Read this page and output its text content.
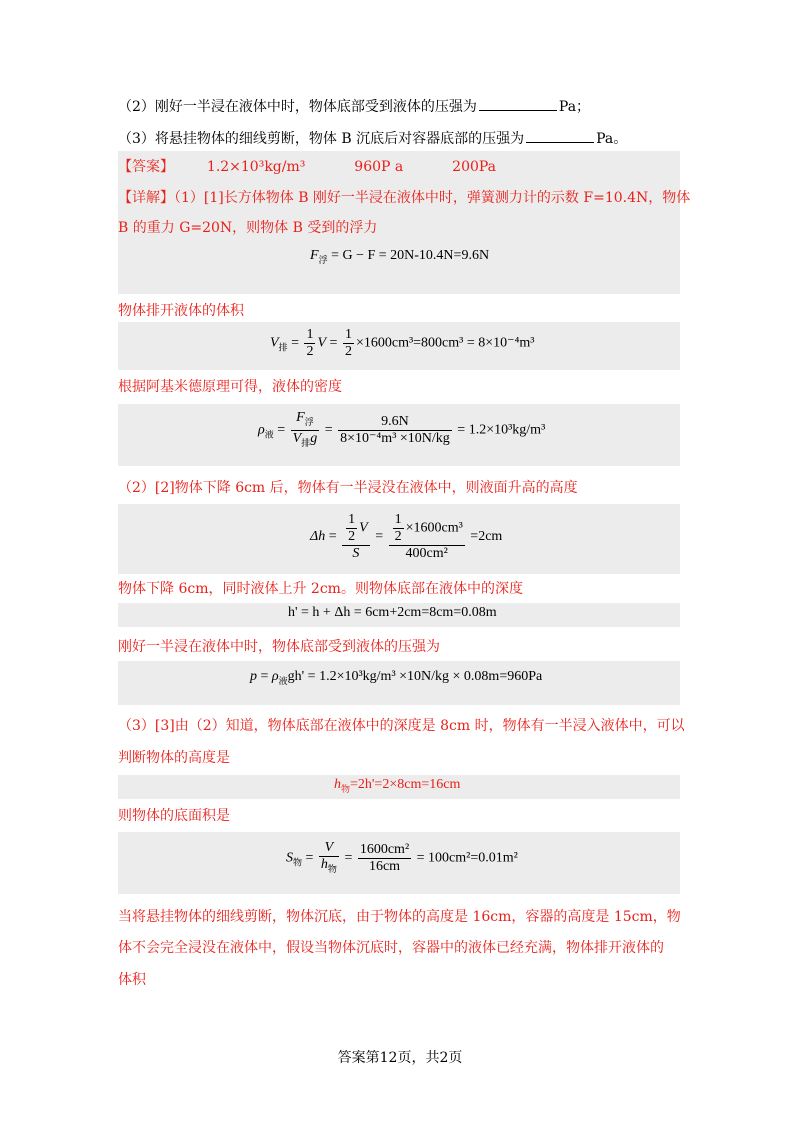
（2）刚好一半浸在液体中时，物体底部受到液体的压强为	Pa；
（3）将悬挂物体的细线剪断，物体 B 沉底后对容器底部的压强为	Pa。
【答案】 1.2×10³kg/m³	960P a	200Pa
【详解】（1）[1]长方体物体 B 刚好一半浸在液体中时，弹簧测力计的示数 F=10.4N，物体
B 的重力 G=20N，则物体 B 受到的浮力
$F_浮 = G - F = 20N-10.4N=9.6N$
物体排开液体的体积
$V_排 = \frac{1}{2}$ $V = \frac{1}{2} \times 1600cm^3=800cm^3 = 8\times 10^{-4}m^3$
根据阿基米德原理可得，液体的密度
$\rho_液 = \frac{F_浮}{V_排g} = \frac{9.6N}{\text{8×10⁻⁴m³ ×10N/kg}} = 1.2\times 10^3kg/m^3$
（2）[2]物体下降 6cm 后，物体有一半浸没在液体中，则液面升高的高度
$\Delta h = \frac{\frac{1}{2} V}{S} = \frac{\frac{1}{2} \times 1600cm^3}{\text{400cm²}} =2cm$
物体下降 6cm，同时液体上升 2cm。则物体底部在液体中的深度
h' = h + Δh = 6cm+2cm=8cm=0.08m
刚好一半浸在液体中时，物体底部受到液体的压强为
$p = \rho_液gh' = 1.2\times 10^3kg/m^3 \times 10N/kg \times 0.08m=960Pa$
（3）[3]由（2）知道，物体底部在液体中的深度是 8cm 时，物体有一半浸入液体中，可以
判断物体的高度是
$h_物=2h'=2\times 8cm=16cm$
则物体的底面积是
$S_物 = \frac{V}{h_物} = \frac{\text{1600cm²}}{16cm} = 100cm^2=0.01m^2$
当将悬挂物体的细线剪断，物体沉底，由于物体的高度是 16cm，容器的高度是 15cm，物
体不会完全浸没在液体中，假设当物体沉底时，容器中的液体已经充满，物体排开液体的
体积
答案第12页，共2页
